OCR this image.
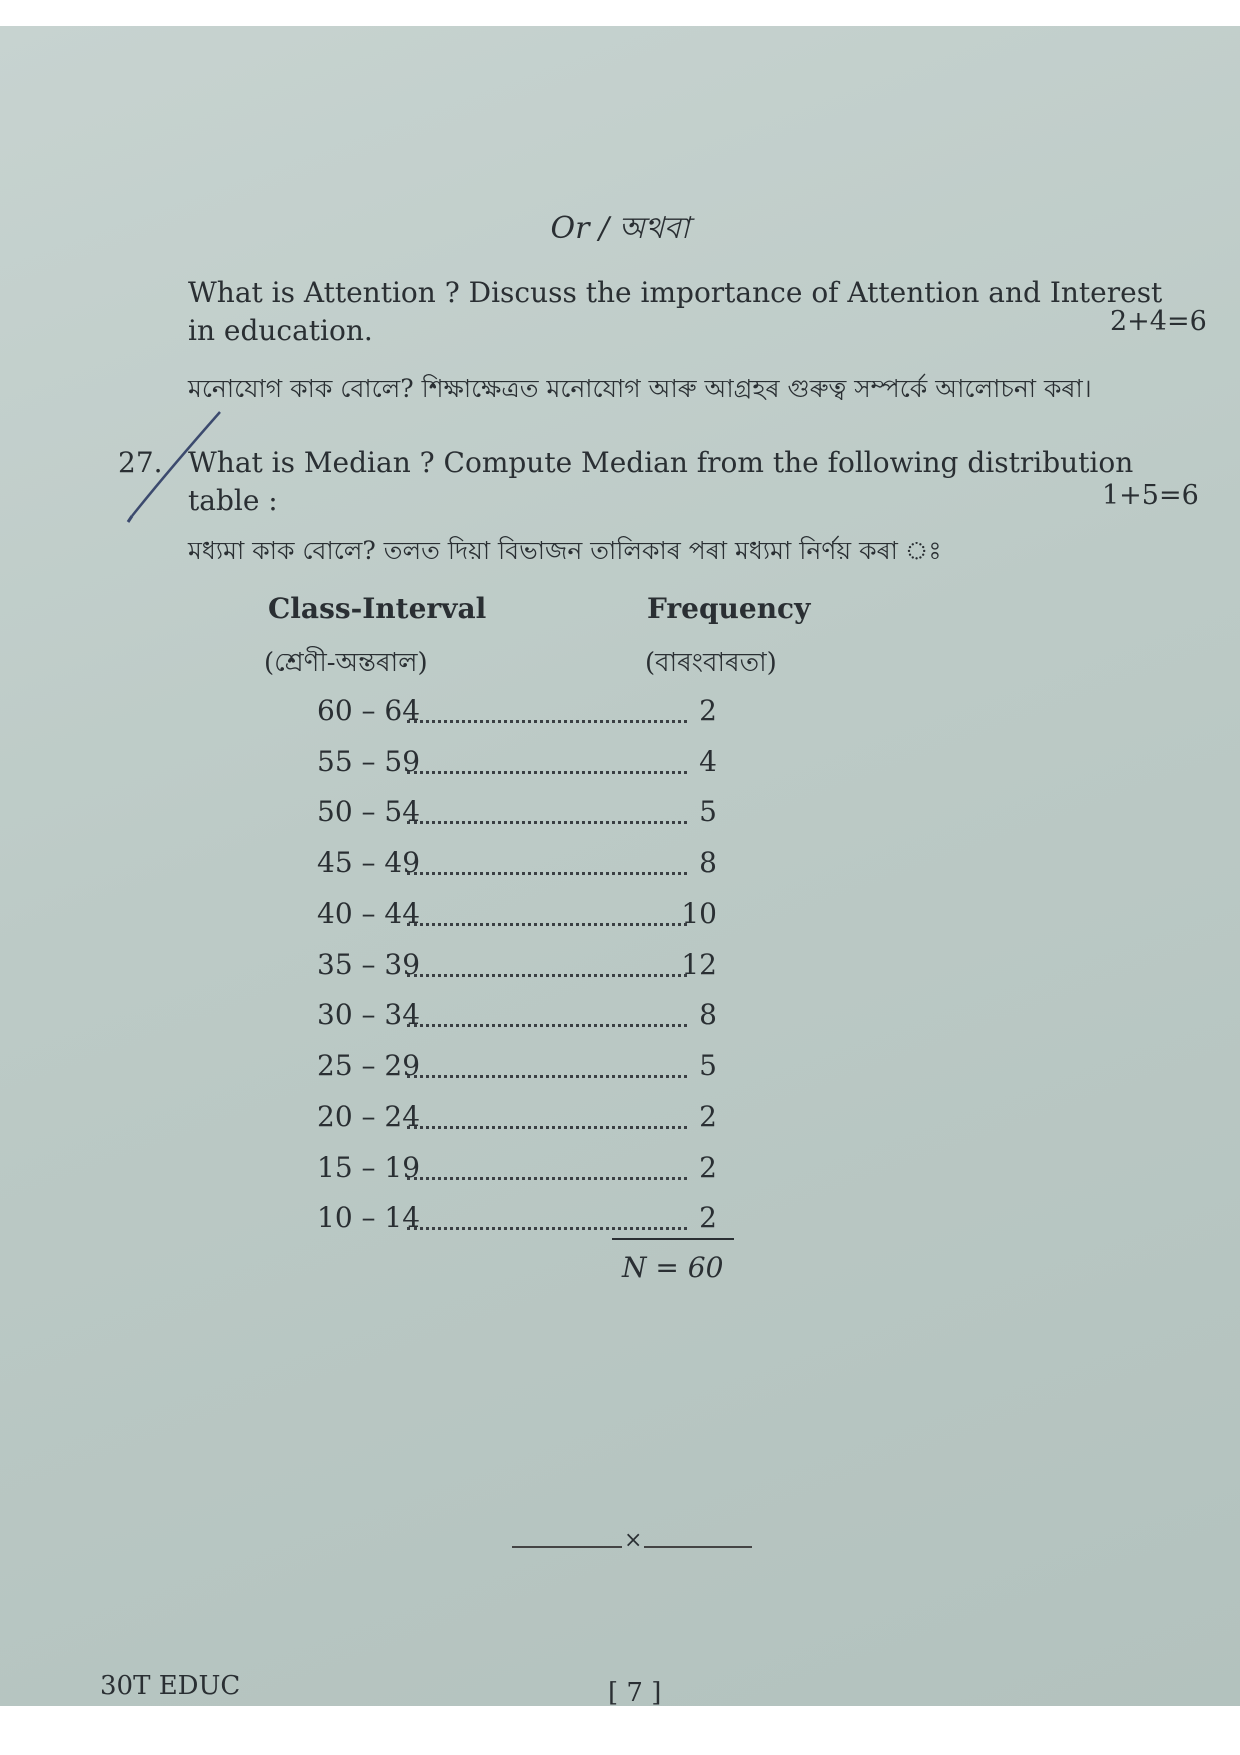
Or / অথবা
What is Attention ? Discuss the importance of Attention and Interest in education.	2+4=6
মনোযোগ কাক বোলে? শিক্ষাক্ষেত্ৰত মনোযোগ আৰু আগ্ৰহৰ গুৰুত্ব সম্পৰ্কে আলোচনা কৰা।
27. What is Median ? Compute Median from the following distribution table :	1+5=6
মধ্যমা কাক বোলে? তলত দিয়া বিভাজন তালিকাৰ পৰা মধ্যমা নিৰ্ণয় কৰা ঃ
Class-Interval	Frequency
(শ্ৰেণী-অন্তৰাল)	(বাৰংবাৰতা)
60 – 64	2
55 – 59	4
50 – 54	5
45 – 49	8
40 – 44	10
35 – 39	12
30 – 34	8
25 – 29	5
20 – 24	2
15 – 19	2
10 – 14	2
N = 60
×
30T EDUC	[ 7 ]
